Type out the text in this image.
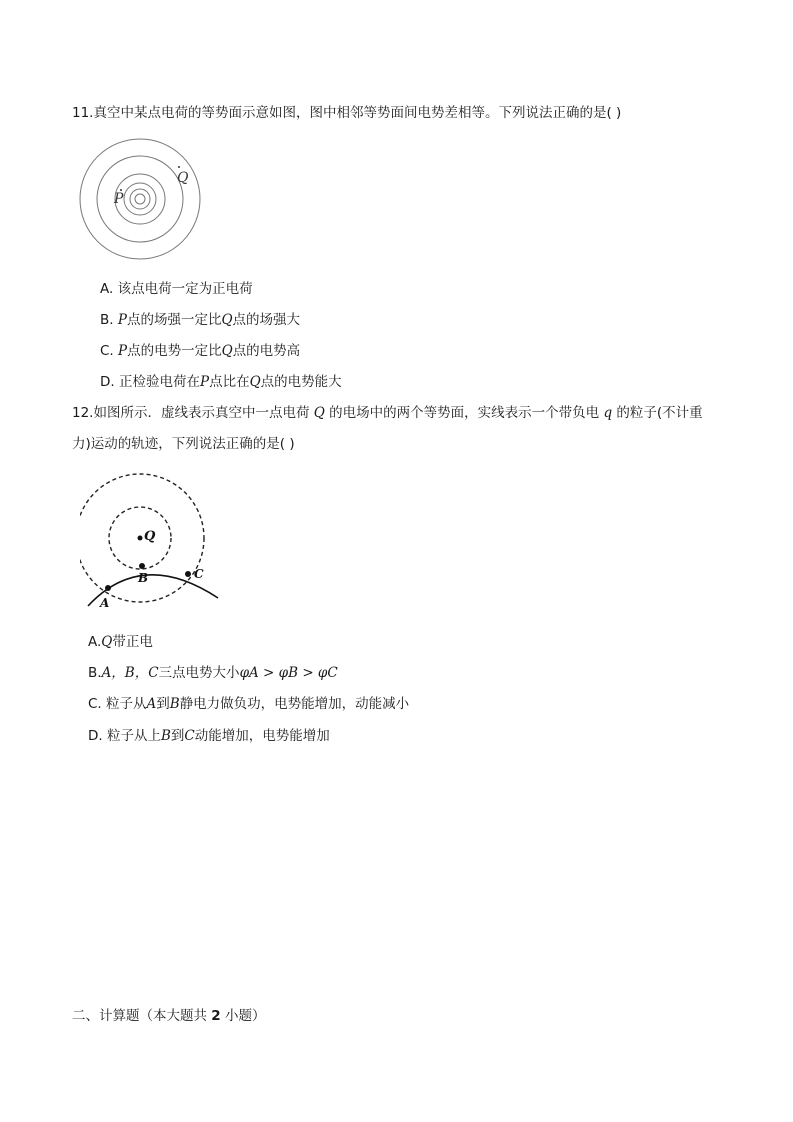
11.真空中某点电荷的等势面示意如图，图中相邻等势面间电势差相等。下列说法正确的是( )
Q
P
A. 该点电荷一定为正电荷
B. P点的场强一定比Q点的场强大
C. P点的电势一定比Q点的电势高
D. 正检验电荷在P点比在Q点的电势能大
12.如图所示．虚线表示真空中一点电荷 Q 的电场中的两个等势面，实线表示一个带负电 q 的粒子(不计重
力)运动的轨迹，下列说法正确的是( )
Q
A
B	C
A.Q带正电
B.A，B，C三点电势大小φA > φB > φC
C. 粒子从A到B静电力做负功，电势能增加，动能减小
D. 粒子从上B到C动能增加，电势能增加
二、计算题（本大题共 2 小题）
